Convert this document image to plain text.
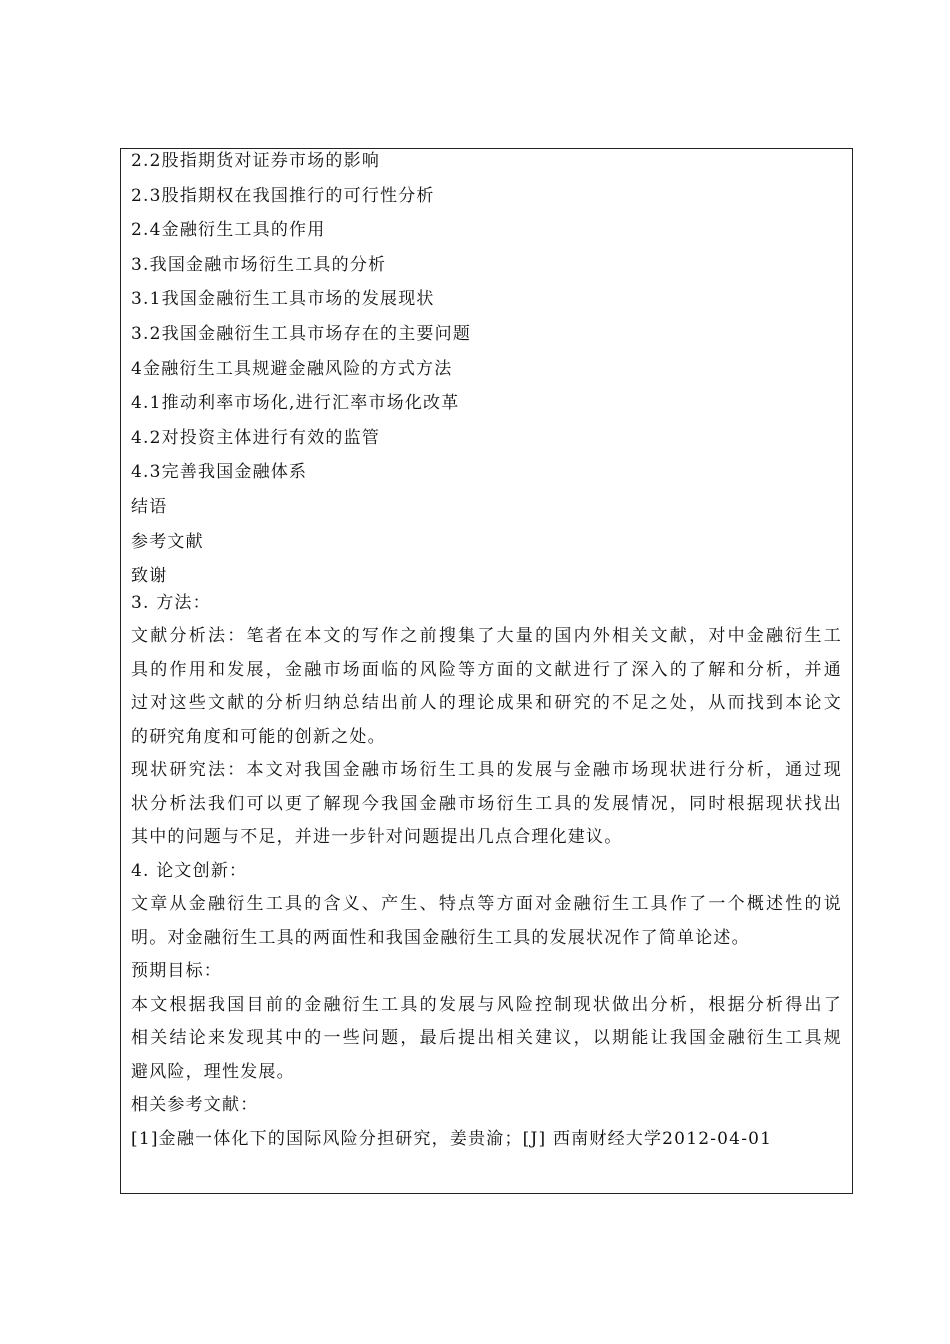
2.2股指期货对证券市场的影响
2.3股指期权在我国推行的可行性分析
2.4金融衍生工具的作用
3.我国金融市场衍生工具的分析
3.1我国金融衍生工具市场的发展现状
3.2我国金融衍生工具市场存在的主要问题
4金融衍生工具规避金融风险的方式方法
4.1推动利率市场化,进行汇率市场化改革
4.2对投资主体进行有效的监管
4.3完善我国金融体系
结语
参考文献
致谢
3. 方法：
文献分析法：笔者在本文的写作之前搜集了大量的国内外相关文献，对中金融衍生工
具的作用和发展，金融市场面临的风险等方面的文献进行了深入的了解和分析，并通
过对这些文献的分析归纳总结出前人的理论成果和研究的不足之处，从而找到本论文
的研究角度和可能的创新之处。
现状研究法：本文对我国金融市场衍生工具的发展与金融市场现状进行分析，通过现
状分析法我们可以更了解现今我国金融市场衍生工具的发展情况，同时根据现状找出
其中的问题与不足，并进一步针对问题提出几点合理化建议。
4. 论文创新：
文章从金融衍生工具的含义、产生、特点等方面对金融衍生工具作了一个概述性的说
明。对金融衍生工具的两面性和我国金融衍生工具的发展状况作了简单论述。
预期目标：
本文根据我国目前的金融衍生工具的发展与风险控制现状做出分析，根据分析得出了
相关结论来发现其中的一些问题，最后提出相关建议，以期能让我国金融衍生工具规
避风险，理性发展。
相关参考文献：
[1]金融一体化下的国际风险分担研究，姜贵渝；[J] 西南财经大学2012-04-01
